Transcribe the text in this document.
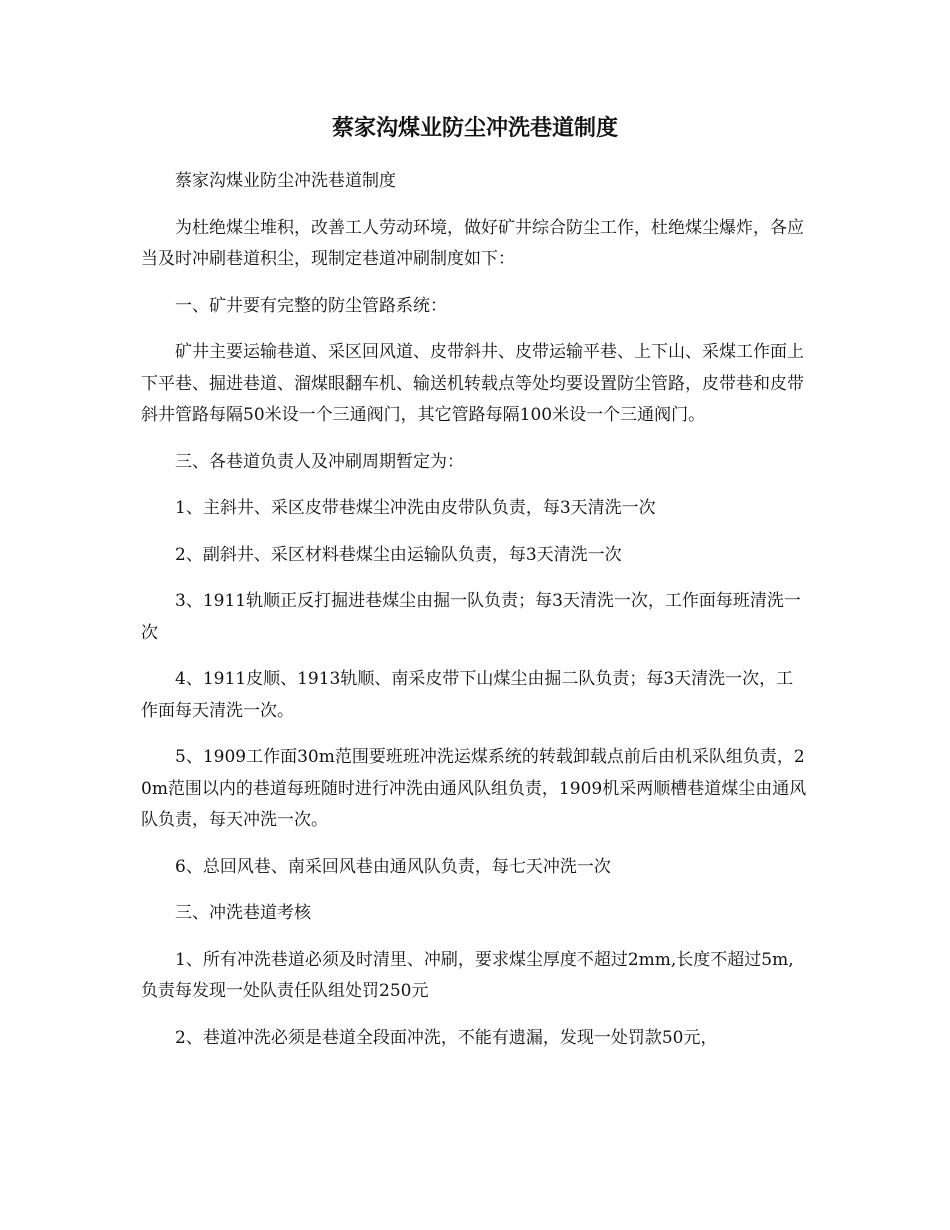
蔡家沟煤业防尘冲洗巷道制度

蔡家沟煤业防尘冲洗巷道制度

为杜绝煤尘堆积，改善工人劳动环境，做好矿井综合防尘工作，杜绝煤尘爆炸，各应当及时冲刷巷道积尘，现制定巷道冲刷制度如下：

一、矿井要有完整的防尘管路系统：

矿井主要运输巷道、采区回风道、皮带斜井、皮带运输平巷、上下山、采煤工作面上下平巷、掘进巷道、溜煤眼翻车机、输送机转载点等处均要设置防尘管路，皮带巷和皮带斜井管路每隔50米设一个三通阀门，其它管路每隔100米设一个三通阀门。

三、各巷道负责人及冲刷周期暂定为：

1、主斜井、采区皮带巷煤尘冲洗由皮带队负责，每3天清洗一次

2、副斜井、采区材料巷煤尘由运输队负责，每3天清洗一次

3、1911轨顺正反打掘进巷煤尘由掘一队负责；每3天清洗一次，工作面每班清洗一次

4、1911皮顺、1913轨顺、南采皮带下山煤尘由掘二队负责；每3天清洗一次，工作面每天清洗一次。

5、1909工作面30m范围要班班冲洗运煤系统的转载卸载点前后由机采队组负责，20m范围以内的巷道每班随时进行冲洗由通风队组负责，1909机采两顺槽巷道煤尘由通风队负责，每天冲洗一次。

6、总回风巷、南采回风巷由通风队负责，每七天冲洗一次

三、冲洗巷道考核

1、所有冲洗巷道必须及时清里、冲刷，要求煤尘厚度不超过2mm,长度不超过5m,负责每发现一处队责任队组处罚250元

2、巷道冲洗必须是巷道全段面冲洗，不能有遗漏，发现一处罚款50元，
